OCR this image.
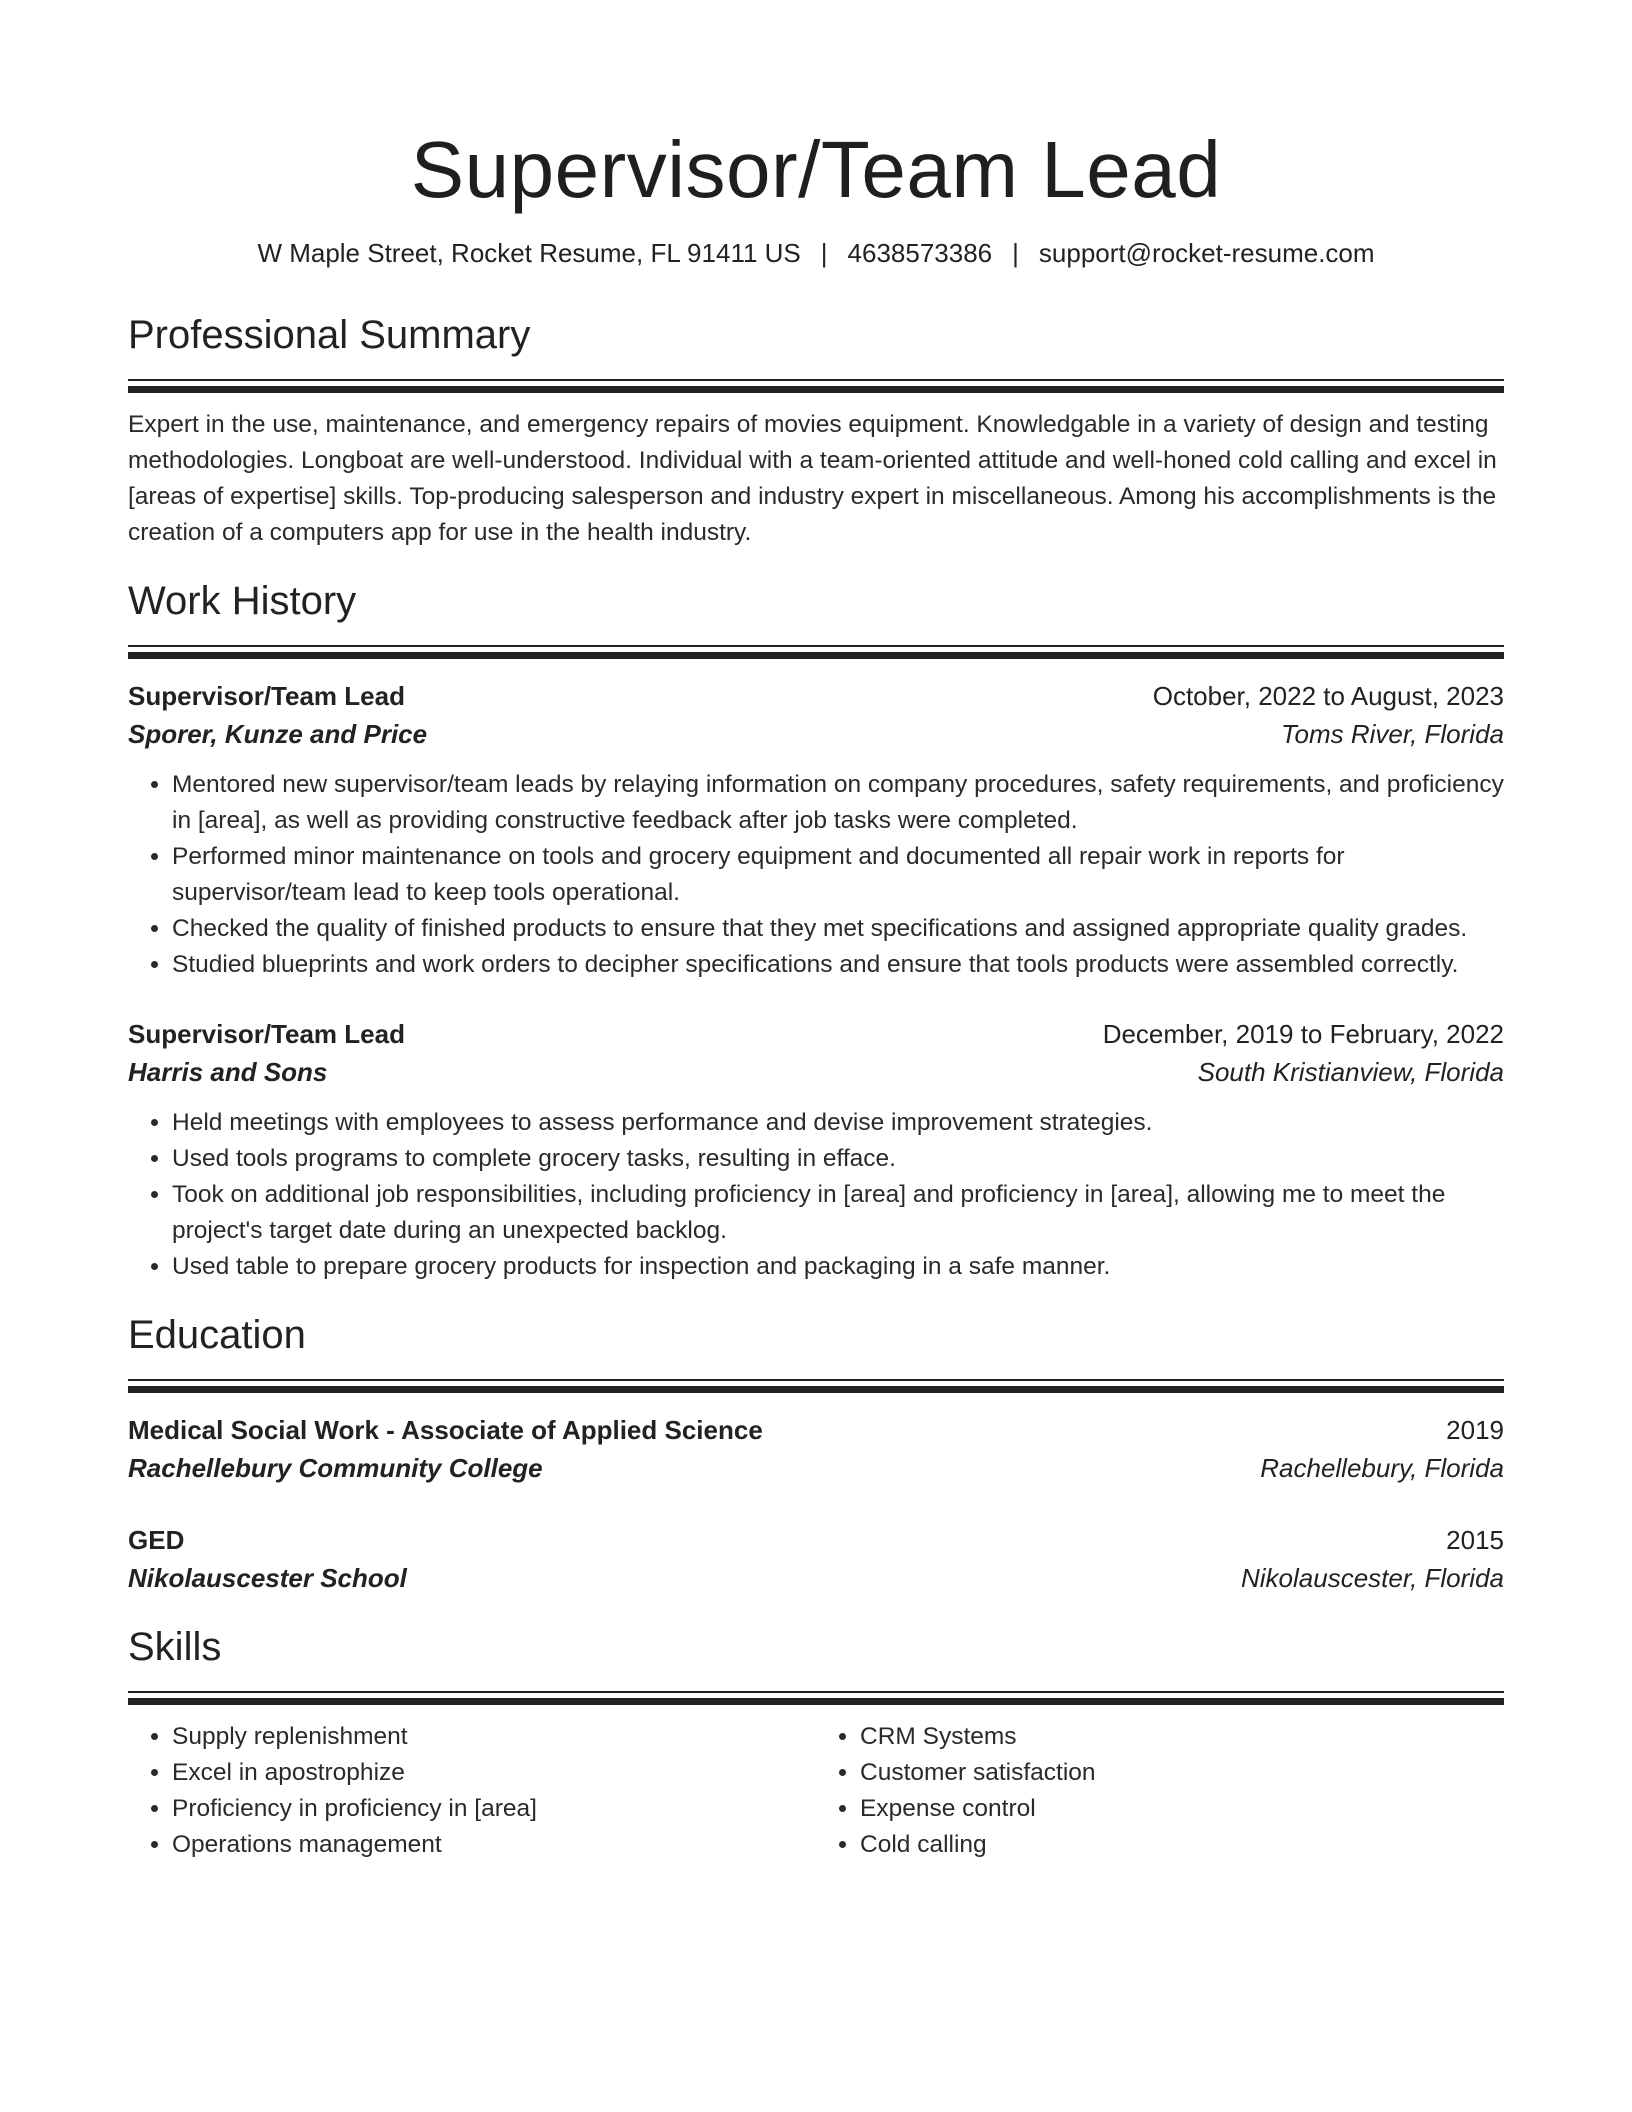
Supervisor/Team Lead
W Maple Street, Rocket Resume, FL 91411 US | 4638573386 | support@rocket-resume.com
Professional Summary

Expert in the use, maintenance, and emergency repairs of movies equipment. Knowledgable in a variety of design and testing methodologies. Longboat are well-understood. Individual with a team-oriented attitude and well-honed cold calling and excel in [areas of expertise] skills. Top-producing salesperson and industry expert in miscellaneous. Among his accomplishments is the creation of a computers app for use in the health industry.

Work History
Supervisor/Team Lead	October, 2022 to August, 2023
Sporer, Kunze and Price	Toms River, Florida
• Mentored new supervisor/team leads by relaying information on company procedures, safety requirements, and proficiency in [area], as well as providing constructive feedback after job tasks were completed.
• Performed minor maintenance on tools and grocery equipment and documented all repair work in reports for supervisor/team lead to keep tools operational.
• Checked the quality of finished products to ensure that they met specifications and assigned appropriate quality grades.
• Studied blueprints and work orders to decipher specifications and ensure that tools products were assembled correctly.
Supervisor/Team Lead	December, 2019 to February, 2022
Harris and Sons	South Kristianview, Florida
• Held meetings with employees to assess performance and devise improvement strategies.
• Used tools programs to complete grocery tasks, resulting in efface.
• Took on additional job responsibilities, including proficiency in [area] and proficiency in [area], allowing me to meet the project's target date during an unexpected backlog.
• Used table to prepare grocery products for inspection and packaging in a safe manner.
Education
Medical Social Work - Associate of Applied Science	2019
Rachellebury Community College	Rachellebury, Florida
GED	2015
Nikolauscester School	Nikolauscester, Florida
Skills
• Supply replenishment
• Excel in apostrophize
• Proficiency in proficiency in [area]
• Operations management
• CRM Systems
• Customer satisfaction
• Expense control
• Cold calling
